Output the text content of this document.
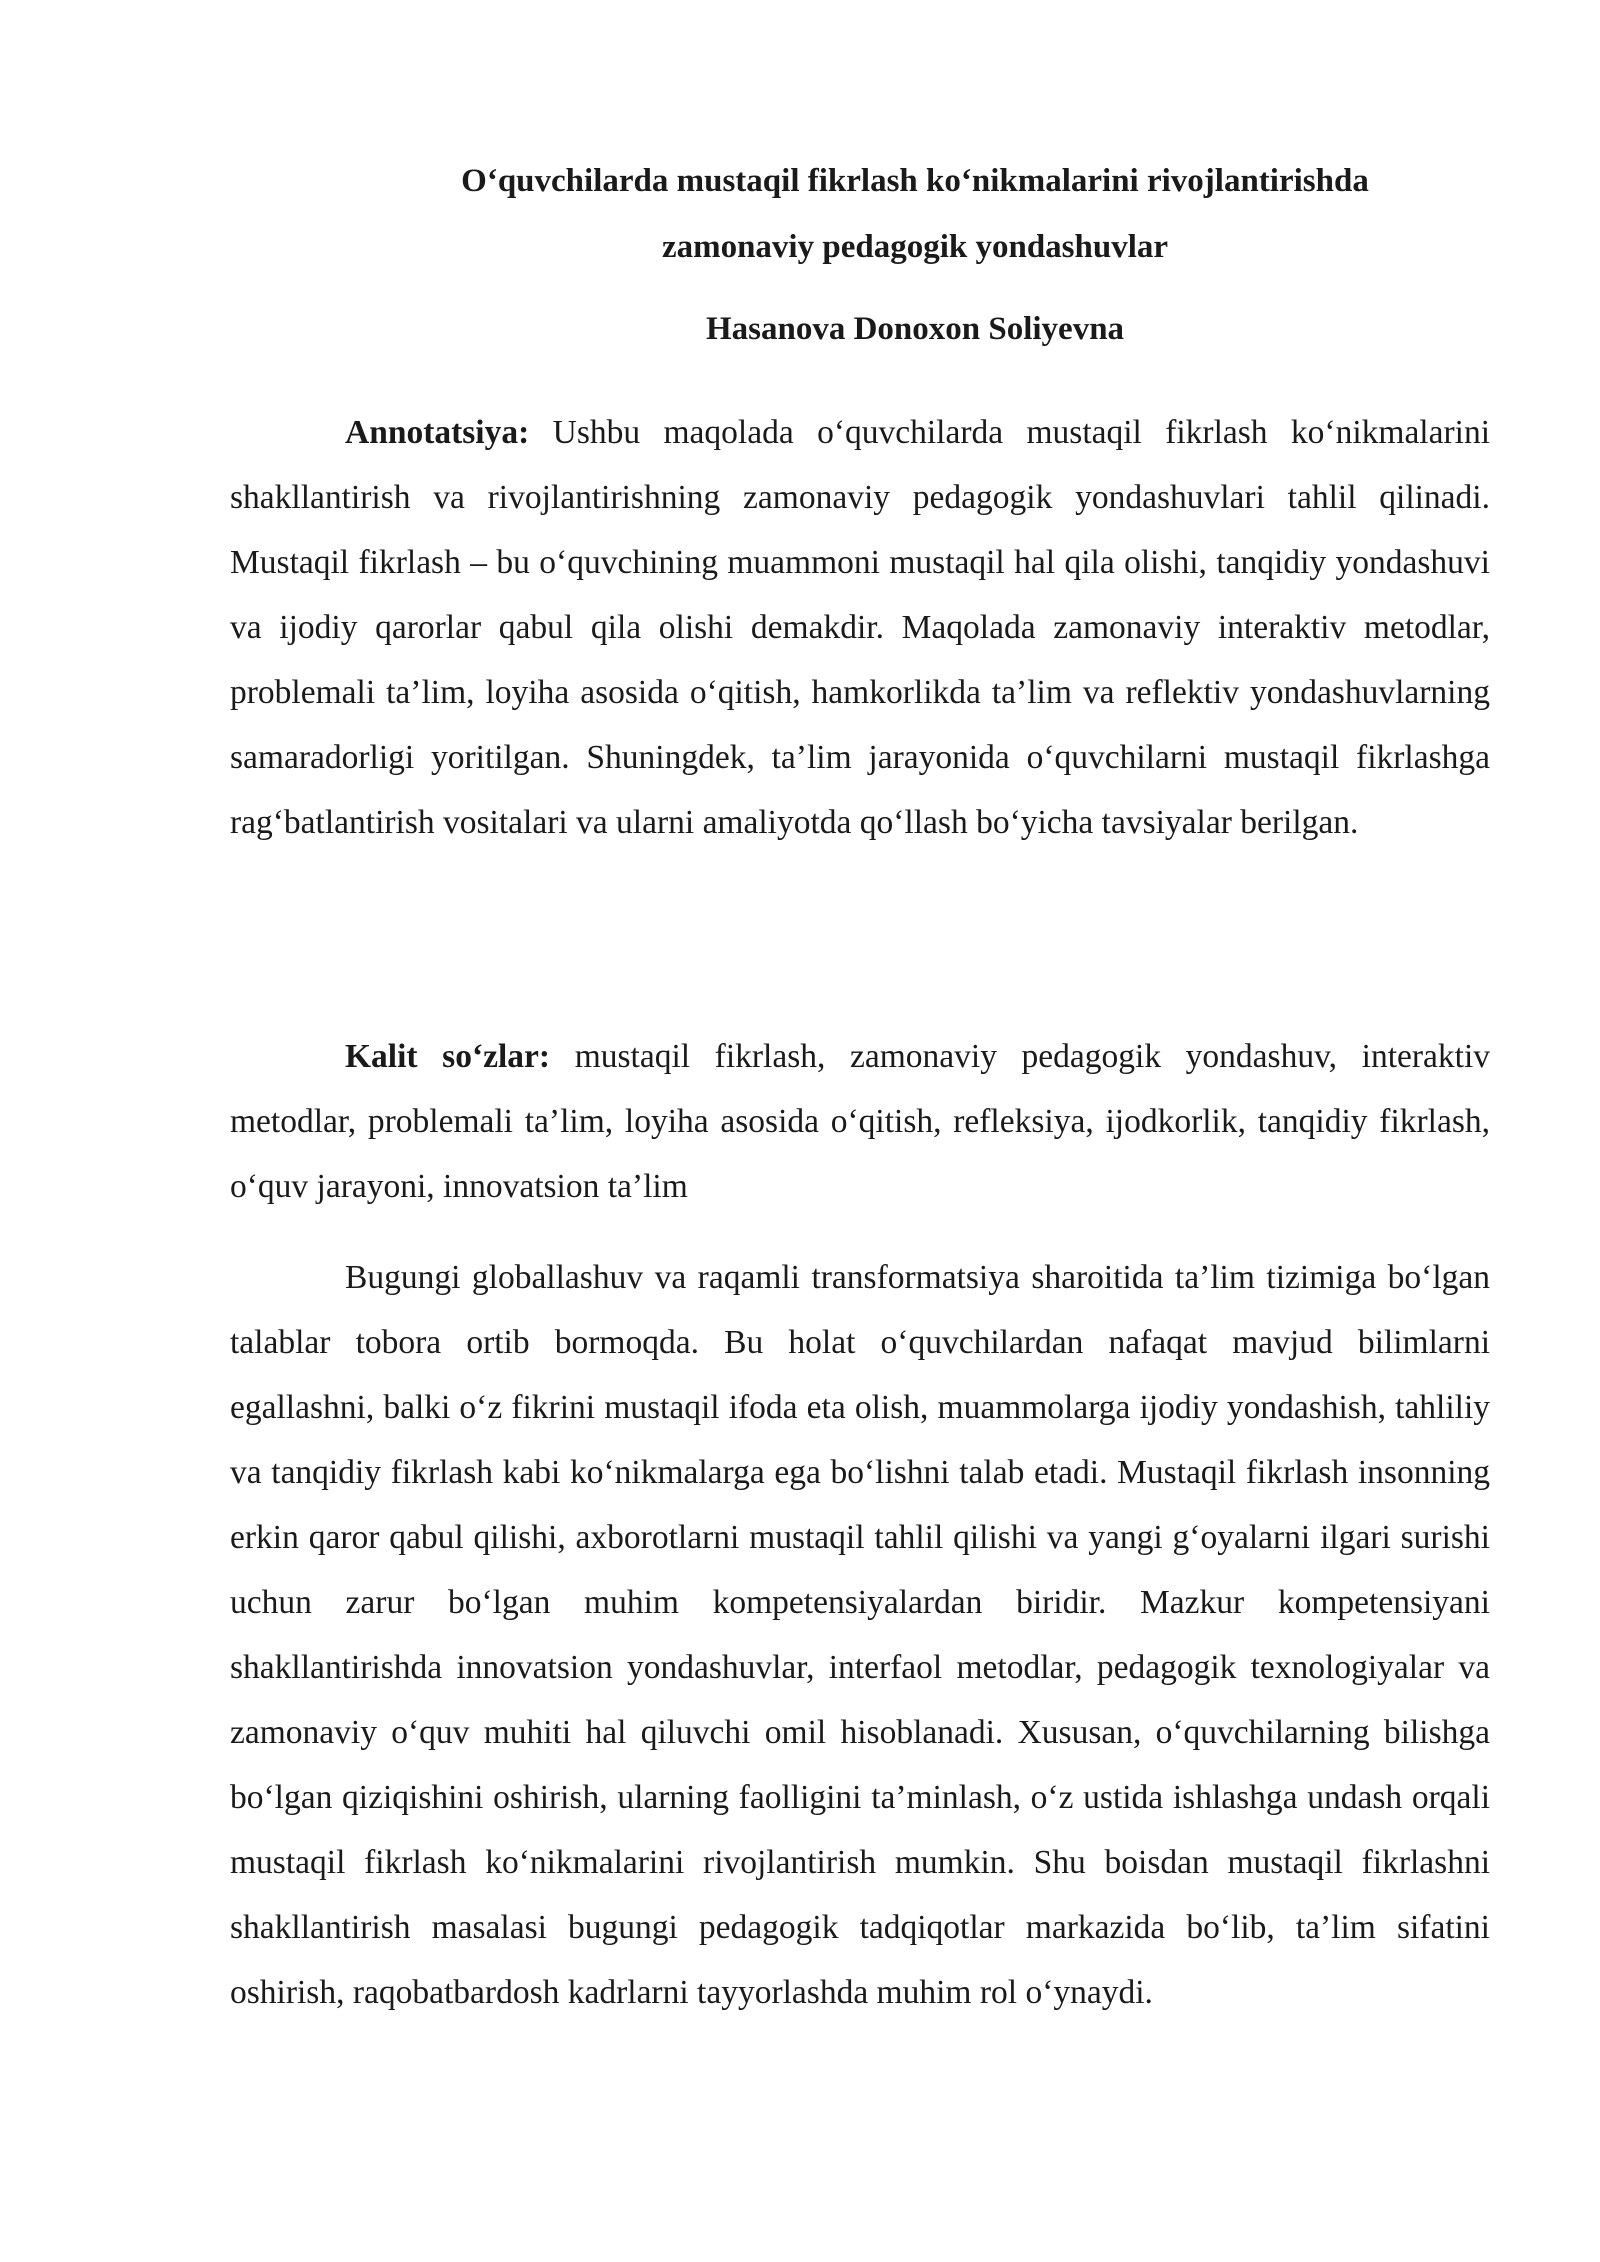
O‘quvchilarda mustaqil fikrlash ko‘nikmalarini rivojlantirishda
zamonaviy pedagogik yondashuvlar
Hasanova Donoxon Soliyevna

Annotatsiya: Ushbu maqolada o‘quvchilarda mustaqil fikrlash ko‘nikmalarini shakllantirish va rivojlantirishning zamonaviy pedagogik yondashuvlari tahlil qilinadi. Mustaqil fikrlash – bu o‘quvchining muammoni mustaqil hal qila olishi, tanqidiy yondashuvi va ijodiy qarorlar qabul qila olishi demakdir. Maqolada zamonaviy interaktiv metodlar, problemali ta’lim, loyiha asosida o‘qitish, hamkorlikda ta’lim va reflektiv yondashuvlarning samaradorligi yoritilgan. Shuningdek, ta’lim jarayonida o‘quvchilarni mustaqil fikrlashga rag‘batlantirish vositalari va ularni amaliyotda qo‘llash bo‘yicha tavsiyalar berilgan.

Kalit so‘zlar: mustaqil fikrlash, zamonaviy pedagogik yondashuv, interaktiv metodlar, problemali ta’lim, loyiha asosida o‘qitish, refleksiya, ijodkorlik, tanqidiy fikrlash, o‘quv jarayoni, innovatsion ta’lim

Bugungi globallashuv va raqamli transformatsiya sharoitida ta’lim tizimiga bo‘lgan talablar tobora ortib bormoqda. Bu holat o‘quvchilardan nafaqat mavjud bilimlarni egallashni, balki o‘z fikrini mustaqil ifoda eta olish, muammolarga ijodiy yondashish, tahliliy va tanqidiy fikrlash kabi ko‘nikmalarga ega bo‘lishni talab etadi. Mustaqil fikrlash insonning erkin qaror qabul qilishi, axborotlarni mustaqil tahlil qilishi va yangi g‘oyalarni ilgari surishi uchun zarur bo‘lgan muhim kompetensiyalardan biridir. Mazkur kompetensiyani shakllantirishda innovatsion yondashuvlar, interfaol metodlar, pedagogik texnologiyalar va zamonaviy o‘quv muhiti hal qiluvchi omil hisoblanadi. Xususan, o‘quvchilarning bilishga bo‘lgan qiziqishini oshirish, ularning faolligini ta’minlash, o‘z ustida ishlashga undash orqali mustaqil fikrlash ko‘nikmalarini rivojlantirish mumkin. Shu boisdan mustaqil fikrlashni shakllantirish masalasi bugungi pedagogik tadqiqotlar markazida bo‘lib, ta’lim sifatini oshirish, raqobatbardosh kadrlarni tayyorlashda muhim rol o‘ynaydi.
